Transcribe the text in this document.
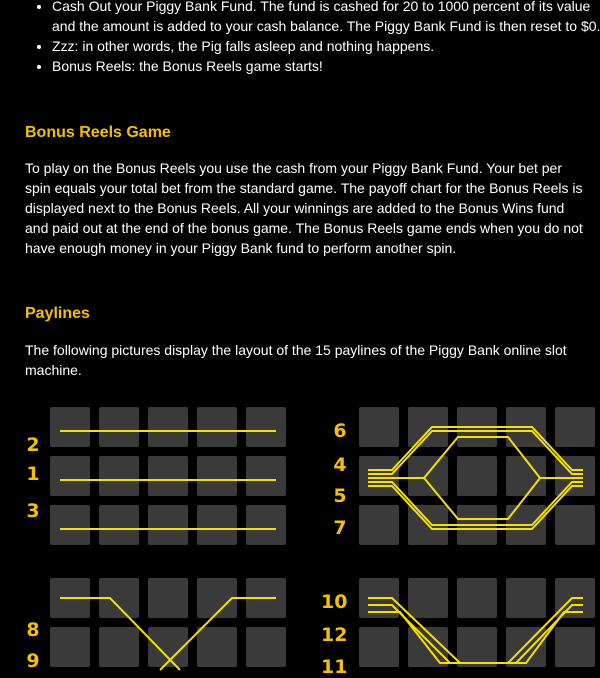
• Cash Out your Piggy Bank Fund. The fund is cashed for 20 to 1000 percent of its value and the amount is added to your cash balance. The Piggy Bank Fund is then reset to $0.
• Zzz: in other words, the Pig falls asleep and nothing happens.
• Bonus Reels: the Bonus Reels game starts!
Bonus Reels Game

To play on the Bonus Reels you use the cash from your Piggy Bank Fund. Your bet per spin equals your total bet from the standard game. The payoff chart for the Bonus Reels is displayed next to the Bonus Reels. All your winnings are added to the Bonus Wins fund and paid out at the end of the bonus game. The Bonus Reels game ends when you do not have enough money in your Piggy Bank fund to perform another spin.

Paylines

The following pictures display the layout of the 15 paylines of the Piggy Bank online slot machine.

2
1
3
6
4
5
7
8
9
10
12
11
